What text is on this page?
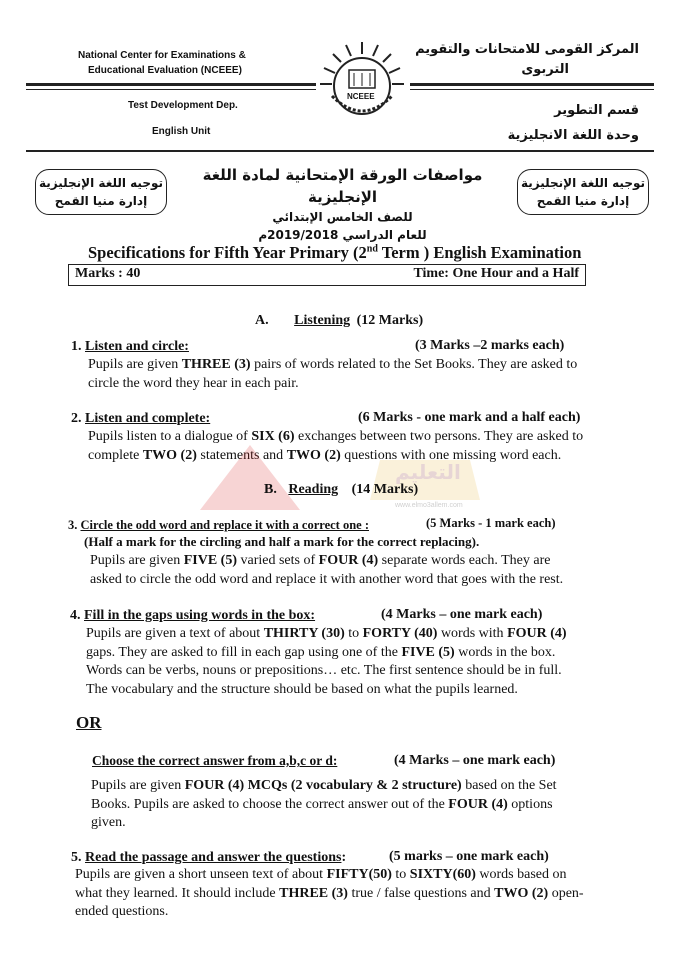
National Center for Examinations &
Educational Evaluation (NCEEE)
Test Development Dep.
English Unit
المركز القومى للامتحانات والتقويم
التربوى
قسم التطوير
وحدة اللغة الانجليزية
NCEEE
توجيه اللغة الإنجليزية
إدارة منيا القمح
توجيه اللغة الإنجليزية
إدارة منيا القمح
مواصفات الورقة الإمتحانية لمادة اللغة الإنجليزية
للصف الخامس الإبتدائي
للعام الدراسي 2019/2018م
Specifications for Fifth Year Primary (2nd Term ) English Examination
Marks : 40	Time: One Hour and a Half
A. Listening (12 Marks)
1. Listen and circle:	(3 Marks –2 marks each)
Pupils are given THREE (3) pairs of words related to the Set Books. They are asked to
circle the word they hear in each pair.
2. Listen and complete:	(6 Marks - one mark and a half each)
Pupils listen to a dialogue of SIX (6) exchanges between two persons. They are asked to
complete TWO (2) statements and TWO (2) questions with one missing word each.
التعليم
www.elmo3allem.com
B. Reading (14 Marks)
3. Circle the odd word and replace it with a correct one :	(5 Marks - 1 mark each)
(Half a mark for the circling and half a mark for the correct replacing).
Pupils are given FIVE (5) varied sets of FOUR (4) separate words each. They are
asked to circle the odd word and replace it with another word that goes with the rest.
4. Fill in the gaps using words in the box:	(4 Marks – one mark each)
Pupils are given a text of about THIRTY (30) to FORTY (40) words with FOUR (4)
gaps. They are asked to fill in each gap using one of the FIVE (5) words in the box.
Words can be verbs, nouns or prepositions… etc. The first sentence should be in full.
The vocabulary and the structure should be based on what the pupils learned.
OR
Choose the correct answer from a,b,c or d:	(4 Marks – one mark each)
Pupils are given FOUR (4) MCQs (2 vocabulary & 2 structure) based on the Set
Books. Pupils are asked to choose the correct answer out of the FOUR (4) options
given.
5. Read the passage and answer the questions:	(5 marks – one mark each)
Pupils are given a short unseen text of about FIFTY(50) to SIXTY(60) words based on
what they learned. It should include THREE (3) true / false questions and TWO (2) open-
ended questions.
